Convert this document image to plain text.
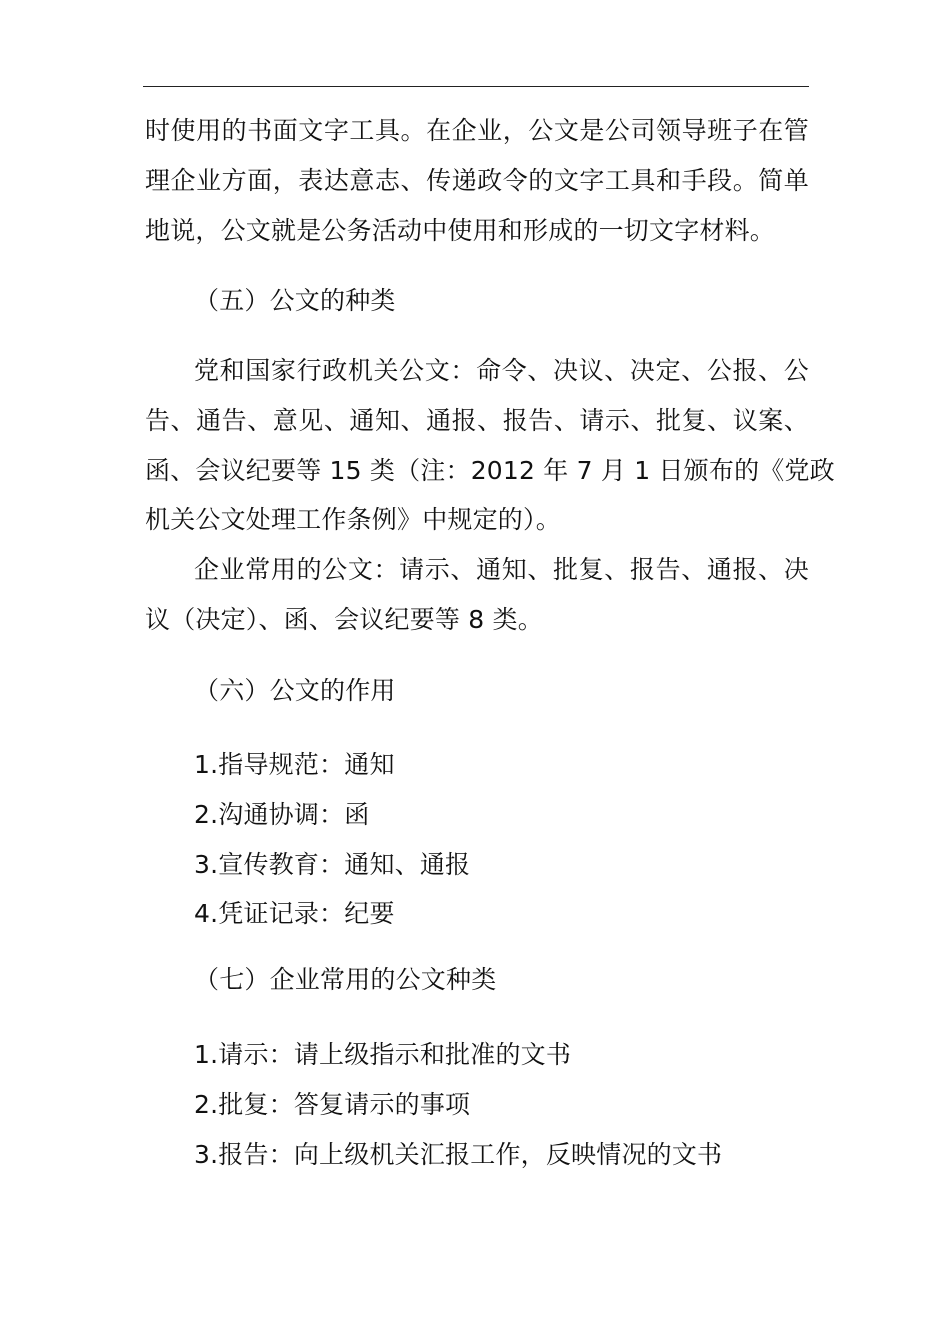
时使用的书面文字工具。在企业，公文是公司领导班子在管
理企业方面，表达意志、传递政令的文字工具和手段。简单
地说，公文就是公务活动中使用和形成的一切文字材料。
（五）公文的种类
党和国家行政机关公文：命令、决议、决定、公报、公
告、通告、意见、通知、通报、报告、请示、批复、议案、
函、会议纪要等 15 类（注：2012 年 7 月 1 日颁布的《党政
机关公文处理工作条例》中规定的）。
企业常用的公文：请示、通知、批复、报告、通报、决
议（决定）、函、会议纪要等 8 类。
（六）公文的作用
1.指导规范：通知
2.沟通协调：函
3.宣传教育：通知、通报
4.凭证记录：纪要
（七）企业常用的公文种类
1.请示：请上级指示和批准的文书
2.批复：答复请示的事项
3.报告：向上级机关汇报工作，反映情况的文书
